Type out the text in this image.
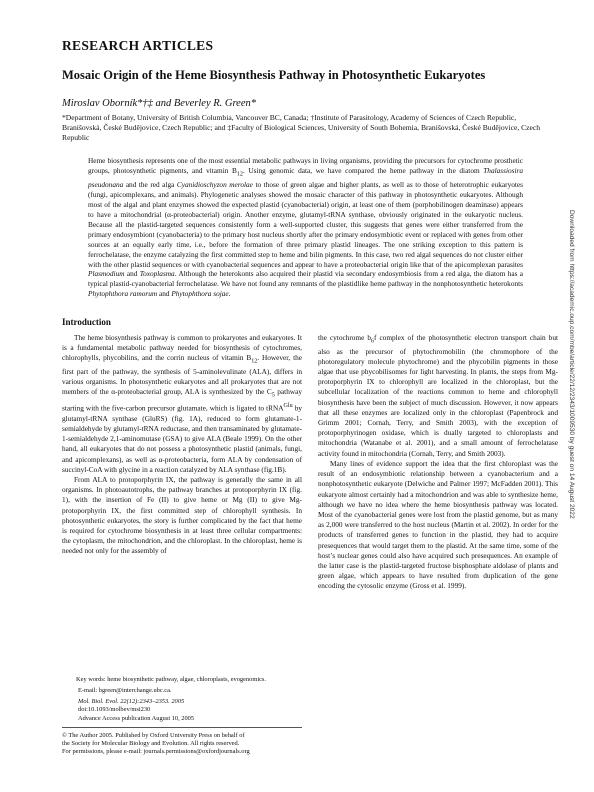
RESEARCH ARTICLES
Mosaic Origin of the Heme Biosynthesis Pathway in Photosynthetic Eukaryotes
Miroslav Oborník*†‡ and Beverley R. Green*
*Department of Botany, University of British Columbia, Vancouver BC, Canada; †Institute of Parasitology, Academy of Sciences of Czech Republic, Branišovská, České Budějovice, Czech Republic; and ‡Faculty of Biological Sciences, University of South Bohemia, Branišovská, České Budějovice, Czech Republic
Heme biosynthesis represents one of the most essential metabolic pathways in living organisms, providing the precursors for cytochrome prosthetic groups, photosynthetic pigments, and vitamin $B_{12}$. Using genomic data, we have compared the heme pathway in the diatom Thalassiosira pseudonana and the red alga Cyanidioschyzon merolae to those of green algae and higher plants, as well as to those of heterotrophic eukaryotes (fungi, apicomplexans, and animals). Phylogenetic analyses showed the mosaic character of this pathway in photosynthetic eukaryotes. Although most of the algal and plant enzymes showed the expected plastid (cyanobacterial) origin, at least one of them (porphobilinogen deaminase) appears to have a mitochondrial (α-proteobacterial) origin. Another enzyme, glutamyl-tRNA synthase, obviously originated in the eukaryotic nucleus. Because all the plastid-targeted sequences consistently form a well-supported cluster, this suggests that genes were either transferred from the primary endosymbiont (cyanobacteria) to the primary host nucleus shortly after the primary endosymbiotic event or replaced with genes from other sources at an equally early time, i.e., before the formation of three primary plastid lineages. The one striking exception to this pattern is ferrochelatase, the enzyme catalyzing the first committed step to heme and bilin pigments. In this case, two red algal sequences do not cluster either with the other plastid sequences or with cyanobacterial sequences and appear to have a proteobacterial origin like that of the apicomplexan parasites Plasmodium and Toxoplasma. Although the heterokonts also acquired their plastid via secondary endosymbiosis from a red alga, the diatom has a typical plastid-cyanobacterial ferrochelatase. We have not found any remnants of the plastidlike heme pathway in the nonphotosynthetic heterokonts Phytophthora ramorum and Phytophthora sojae.
Introduction

The heme biosynthesis pathway is common to prokaryotes and eukaryotes. It is a fundamental metabolic pathway needed for biosynthesis of cytochromes, chlorophylls, phycobilins, and the corrin nucleus of vitamin $B_{12}$. However, the first part of the pathway, the synthesis of 5-aminolevulinate (ALA), differs in various organisms. In photosynthetic eukaryotes and all prokaryotes that are not members of the α-proteobacterial group, ALA is synthesized by the $C_5$ pathway starting with the five-carbon precursor glutamate, which is ligated to tRNA$^{Glu}$ by glutamyl-tRNA synthase (GluRS) (fig. 1A), reduced to form glutamate-1-semialdehyde by glutamyl-tRNA reductase, and then transaminated by glutamate-1-semialdehyde 2,1-aminomutase (GSA) to give ALA (Beale 1999). On the other hand, all eukaryotes that do not possess a photosynthetic plastid (animals, fungi, and apicomplexans), as well as α-proteobacteria, form ALA by condensation of succinyl-CoA with glycine in a reaction catalyzed by ALA synthase (fig.1B).

From ALA to protoporphyrin IX, the pathway is generally the same in all organisms. In photoautotrophs, the pathway branches at protoporphyrin IX (fig. 1), with the insertion of Fe (II) to give heme or Mg (II) to give Mg-protoporphyrin IX, the first committed step of chlorophyll synthesis. In photosynthetic eukaryotes, the story is further complicated by the fact that heme is required for cytochrome biosynthesis in at least three cellular compartments: the cytoplasm, the mitochondrion, and the chloroplast. In the chloroplast, heme is needed not only for the assembly of

the cytochrome $b_6f$ complex of the photosynthetic electron transport chain but also as the precursor of phytochromobilin (the chromophore of the photoregulatory molecule phytochrome) and the phycobilin pigments in those algae that use phycobilisomes for light harvesting. In plants, the steps from Mg-protoporphyrin IX to chlorophyll are localized in the chloroplast, but the subcellular localization of the reactions common to heme and chlorophyll biosynthesis have been the subject of much discussion. However, it now appears that all these enzymes are localized only in the chloroplast (Papenbrock and Grimm 2001; Cornah, Terry, and Smith 2003), with the exception of protoporphyrinogen oxidase, which is dually targeted to chloroplasts and mitochondria (Watanabe et al. 2001), and a small amount of ferrochelatase activity found in mitochondria (Cornah, Terry, and Smith 2003).

Many lines of evidence support the idea that the first chloroplast was the result of an endosymbiotic relationship between a cyanobacterium and a nonphotosynthetic eukaryote (Delwiche and Palmer 1997; McFadden 2001). This eukaryote almost certainly had a mitochondrion and was able to synthesize heme, although we have no idea where the heme biosynthesis pathway was located. Most of the cyanobacterial genes were lost from the plastid genome, but as many as 2,000 were transferred to the host nucleus (Martin et al. 2002). In order for the products of transferred genes to function in the plastid, they had to acquire presequences that would target them to the plastid. At the same time, some of the host’s nuclear genes could also have acquired such presequences. An example of the latter case is the plastid-targeted fructose bisphosphate aldolase of plants and green algae, which appears to have resulted from duplication of the gene encoding the cytosolic enzyme (Gross et al. 1999).

Key words: heme biosynthetic pathway, algae, chloroplasts, evogenomics.
E-mail: bgreen@interchange.ubc.ca.
Mol. Biol. Evol. 22(12):2343–2353. 2005
doi:10.1093/molbev/msi230
Advance Access publication August 10, 2005
© The Author 2005. Published by Oxford University Press on behalf of
the Society for Molecular Biology and Evolution. All rights reserved.
For permissions, please e-mail: journals.permissions@oxfordjournals.org
Downloaded from https://academic.oup.com/mbe/article/22/12/2343/1009530 by guest on 14 August 2022
